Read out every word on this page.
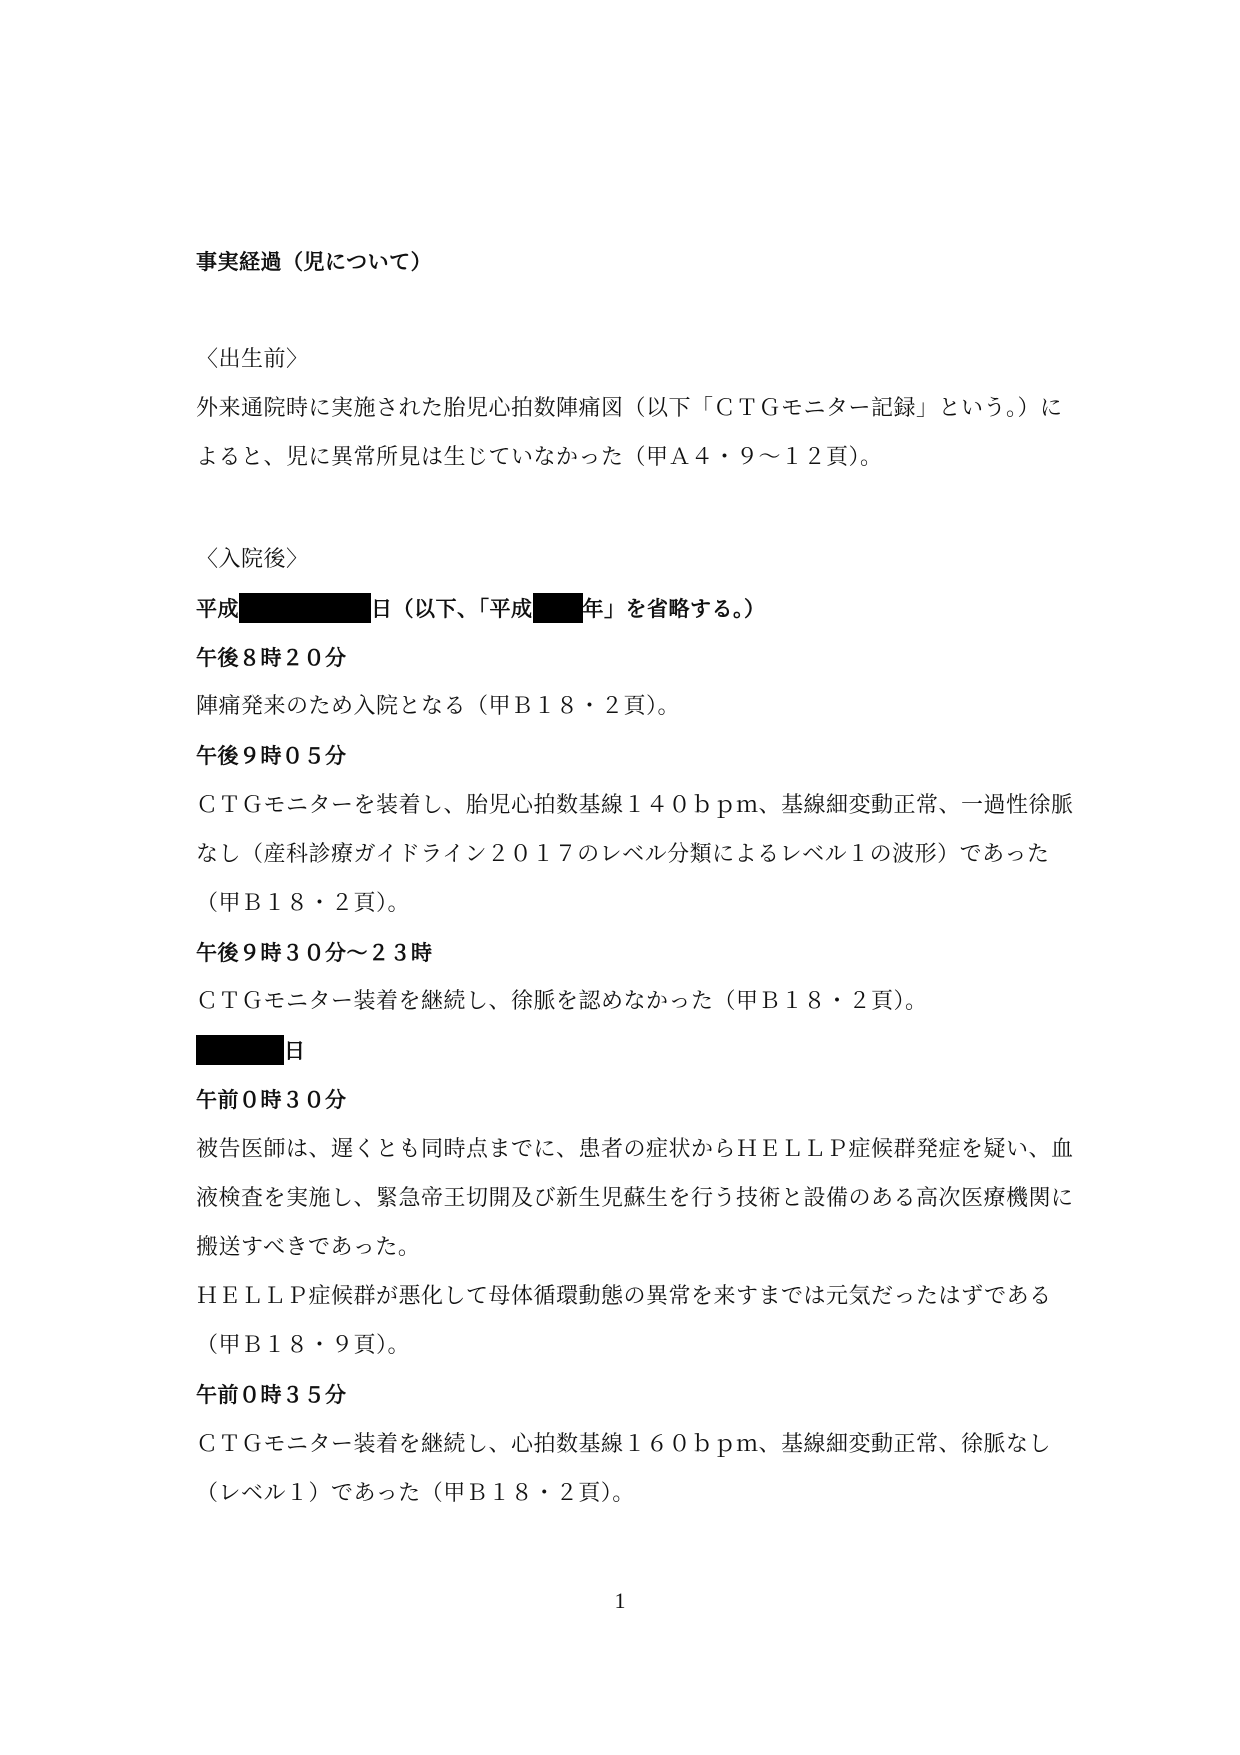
事実経過（児について）
〈出生前〉
外来通院時に実施された胎児心拍数陣痛図（以下「ＣＴＧモニター記録」という。）に
よると、児に異常所見は生じていなかった（甲Ａ４・９～１２頁）。
〈入院後〉
平成	日（以下、「平成 年」を省略する。）
午後８時２０分
陣痛発来のため入院となる（甲Ｂ１８・２頁）。
午後９時０５分
ＣＴＧモニターを装着し、胎児心拍数基線１４０ｂｐｍ、基線細変動正常、一過性徐脈
なし（産科診療ガイドライン２０１７のレベル分類によるレベル１の波形）であった
（甲Ｂ１８・２頁）。
午後９時３０分～２３時
ＣＴＧモニター装着を継続し、徐脈を認めなかった（甲Ｂ１８・２頁）。
日
午前０時３０分
被告医師は、遅くとも同時点までに、患者の症状からＨＥＬＬＰ症候群発症を疑い、血
液検査を実施し、緊急帝王切開及び新生児蘇生を行う技術と設備のある高次医療機関に
搬送すべきであった。
ＨＥＬＬＰ症候群が悪化して母体循環動態の異常を来すまでは元気だったはずである
（甲Ｂ１８・９頁）。
午前０時３５分
ＣＴＧモニター装着を継続し、心拍数基線１６０ｂｐｍ、基線細変動正常、徐脈なし
（レベル１）であった（甲Ｂ１８・２頁）。
1
